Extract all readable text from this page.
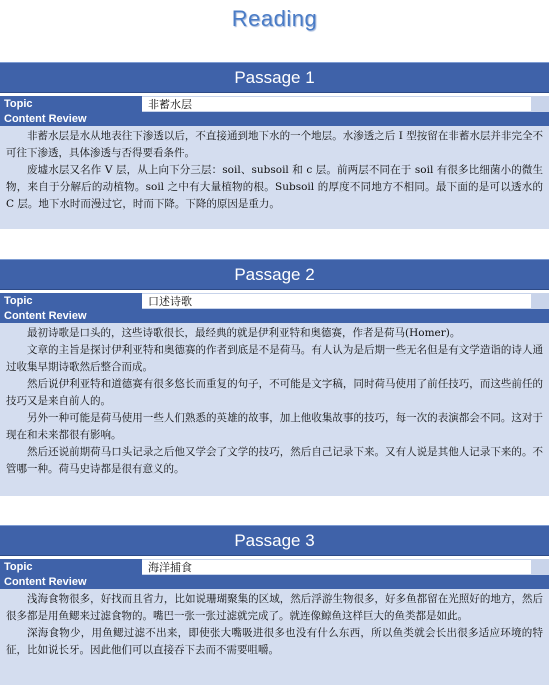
Reading
Passage 1
Topic	非蓄水层
Content Review

非蓄水层是水从地表往下渗透以后，不直接通到地下水的一个地层。水渗透之后 I 型按留在非蓄水层并非完全不可往下渗透，具体渗透与否得要看条件。

废墟水层又名作 V 层，从上向下分三层：soil、subsoil 和 c 层。前两层不同在于 soil 有很多比细菌小的微生物，来自于分解后的动植物。soil 之中有大量植物的根。Subsoil 的厚度不同地方不相同。最下面的是可以透水的 C 层。地下水时而漫过它，时而下降。下降的原因是重力。

Passage 2
Topic	口述诗歌
Content Review

最初诗歌是口头的，这些诗歌很长，最经典的就是伊利亚特和奥德赛，作者是荷马(Homer)。

文章的主旨是探讨伊利亚特和奥德赛的作者到底是不是荷马。有人认为是后期一些无名但是有文学造诣的诗人通过收集早期诗歌然后整合而成。

然后说伊利亚特和道德赛有很多悠长而重复的句子，不可能是文字稿，同时荷马使用了前任技巧，而这些前任的技巧又是来自前人的。

另外一种可能是荷马使用一些人们熟悉的英雄的故事，加上他收集故事的技巧，每一次的表演都会不同。这对于现在和未来都很有影响。

然后还说前期荷马口头记录之后他又学会了文学的技巧，然后自己记录下来。又有人说是其他人记录下来的。不管哪一种。荷马史诗都是很有意义的。

Passage 3
Topic	海洋捕食
Content Review

浅海食物很多，好找而且省力，比如说珊瑚聚集的区域，然后浮游生物很多，好多鱼都留在光照好的地方，然后很多都是用鱼鳃来过滤食物的。嘴巴一张一张过滤就完成了。就连像鲸鱼这样巨大的鱼类都是如此。

深海食物少，用鱼鳃过滤不出来，即使张大嘴吸进很多也没有什么东西，所以鱼类就会长出很多适应环境的特征，比如说长牙。因此他们可以直接吞下去而不需要咀嚼。
